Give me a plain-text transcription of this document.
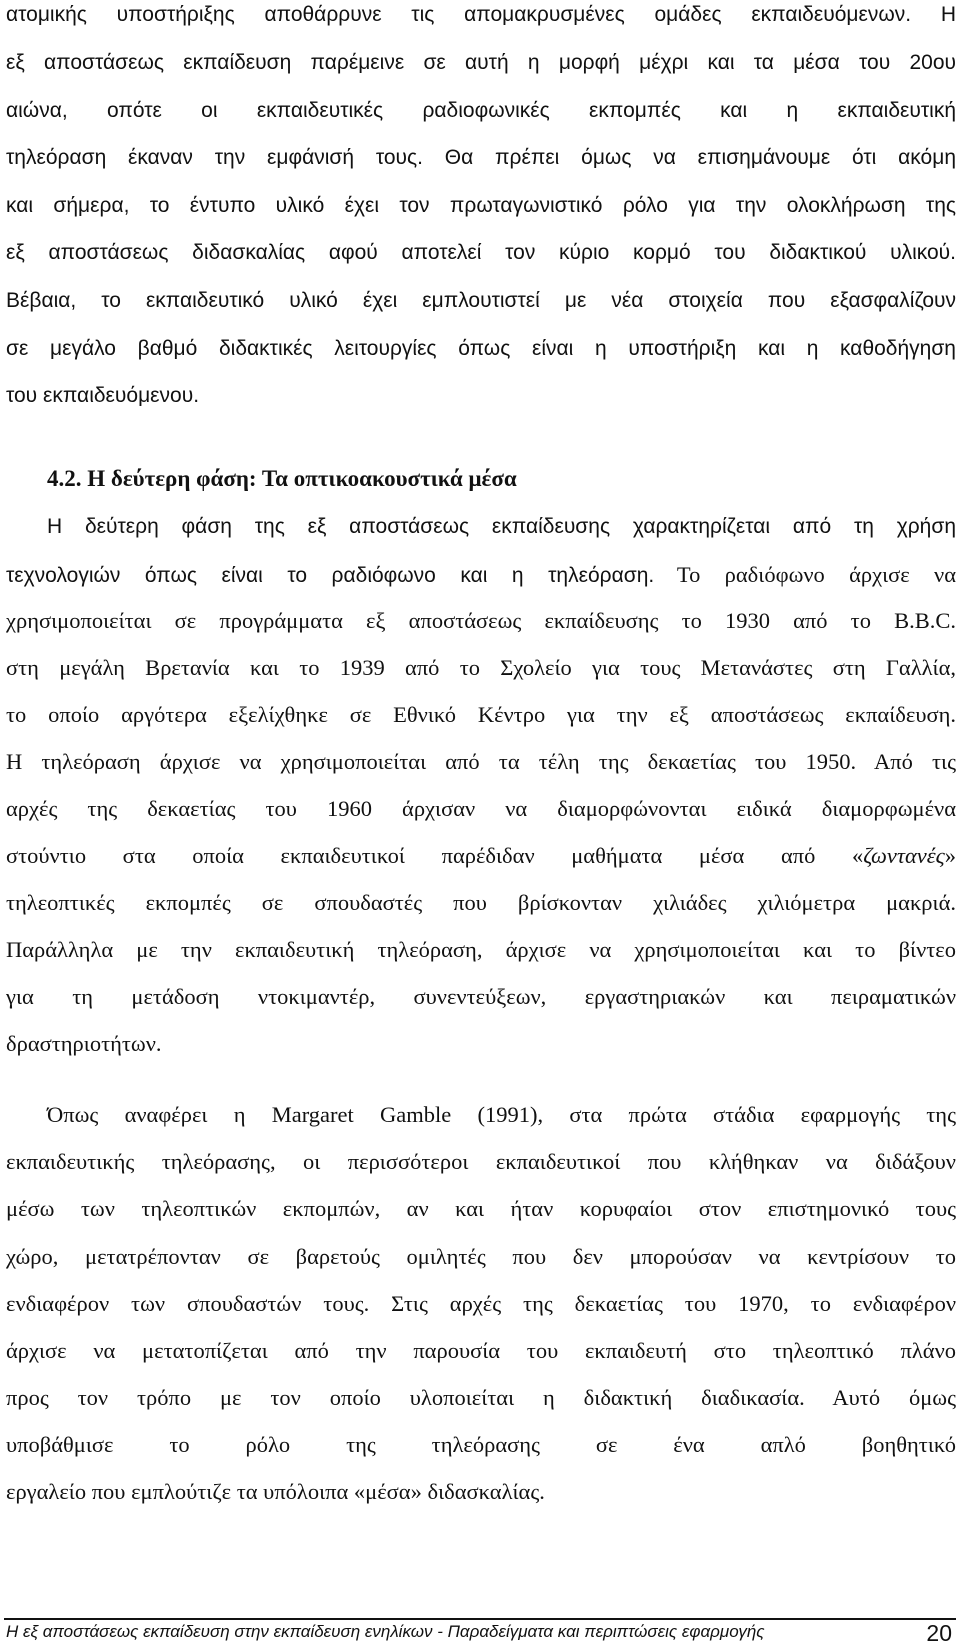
ατομικής υποστήριξης αποθάρρυνε τις απομακρυσμένες ομάδες εκπαιδευόμενων. Η
εξ αποστάσεως εκπαίδευση παρέμεινε σε αυτή η μορφή μέχρι και τα μέσα του 20ου
αιώνα, οπότε οι εκπαιδευτικές ραδιοφωνικές εκπομπές και η εκπαιδευτική
τηλεόραση έκαναν την εμφάνισή τους. Θα πρέπει όμως να επισημάνουμε ότι ακόμη
και σήμερα, το έντυπο υλικό έχει τον πρωταγωνιστικό ρόλο για την ολοκλήρωση της
εξ αποστάσεως διδασκαλίας αφού αποτελεί τον κύριο κορμό του διδακτικού υλικού.
Βέβαια, το εκπαιδευτικό υλικό έχει εμπλουτιστεί με νέα στοιχεία που εξασφαλίζουν
σε μεγάλο βαθμό διδακτικές λειτουργίες όπως είναι η υποστήριξη και η καθοδήγηση
του εκπαιδευόμενου.
4.2. Η δεύτερη φάση: Τα οπτικοακουστικά μέσα
Η δεύτερη φάση της εξ αποστάσεως εκπαίδευσης χαρακτηρίζεται από τη χρήση
τεχνολογιών όπως είναι το ραδιόφωνο και η τηλεόραση. Το ραδιόφωνο άρχισε να
χρησιμοποιείται σε προγράμματα εξ αποστάσεως εκπαίδευσης το 1930 από το B.B.C.
στη μεγάλη Βρετανία και το 1939 από το Σχολείο για τους Μετανάστες στη Γαλλία,
το οποίο αργότερα εξελίχθηκε σε Εθνικό Κέντρο για την εξ αποστάσεως εκπαίδευση.
Η τηλεόραση άρχισε να χρησιμοποιείται από τα τέλη της δεκαετίας του 1950. Από τις
αρχές της δεκαετίας του 1960 άρχισαν να διαμορφώνονται ειδικά διαμορφωμένα
στούντιο στα οποία εκπαιδευτικοί παρέδιδαν μαθήματα μέσα από «ζωντανές»
τηλεοπτικές εκπομπές σε σπουδαστές που βρίσκονταν χιλιάδες χιλιόμετρα μακριά.
Παράλληλα με την εκπαιδευτική τηλεόραση, άρχισε να χρησιμοποιείται και το βίντεο
για τη μετάδοση ντοκιμαντέρ, συνεντεύξεων, εργαστηριακών και πειραματικών
δραστηριοτήτων.
Όπως αναφέρει η Margaret Gamble (1991), στα πρώτα στάδια εφαρμογής της
εκπαιδευτικής τηλεόρασης, οι περισσότεροι εκπαιδευτικοί που κλήθηκαν να διδάξουν
μέσω των τηλεοπτικών εκπομπών, αν και ήταν κορυφαίοι στον επιστημονικό τους
χώρο, μετατρέπονταν σε βαρετούς ομιλητές που δεν μπορούσαν να κεντρίσουν το
ενδιαφέρον των σπουδαστών τους. Στις αρχές της δεκαετίας του 1970, το ενδιαφέρον
άρχισε να μετατοπίζεται από την παρουσία του εκπαιδευτή στο τηλεοπτικό πλάνο
προς τον τρόπο με τον οποίο υλοποιείται η διδακτική διαδικασία. Αυτό όμως
υποβάθμισε το ρόλο της τηλεόρασης σε ένα απλό βοηθητικό
εργαλείο που εμπλούτιζε τα υπόλοιπα «μέσα» διδασκαλίας.
Η εξ αποστάσεως εκπαίδευση στην εκπαίδευση ενηλίκων - Παραδείγματα και περιπτώσεις εφαρμογής	20
